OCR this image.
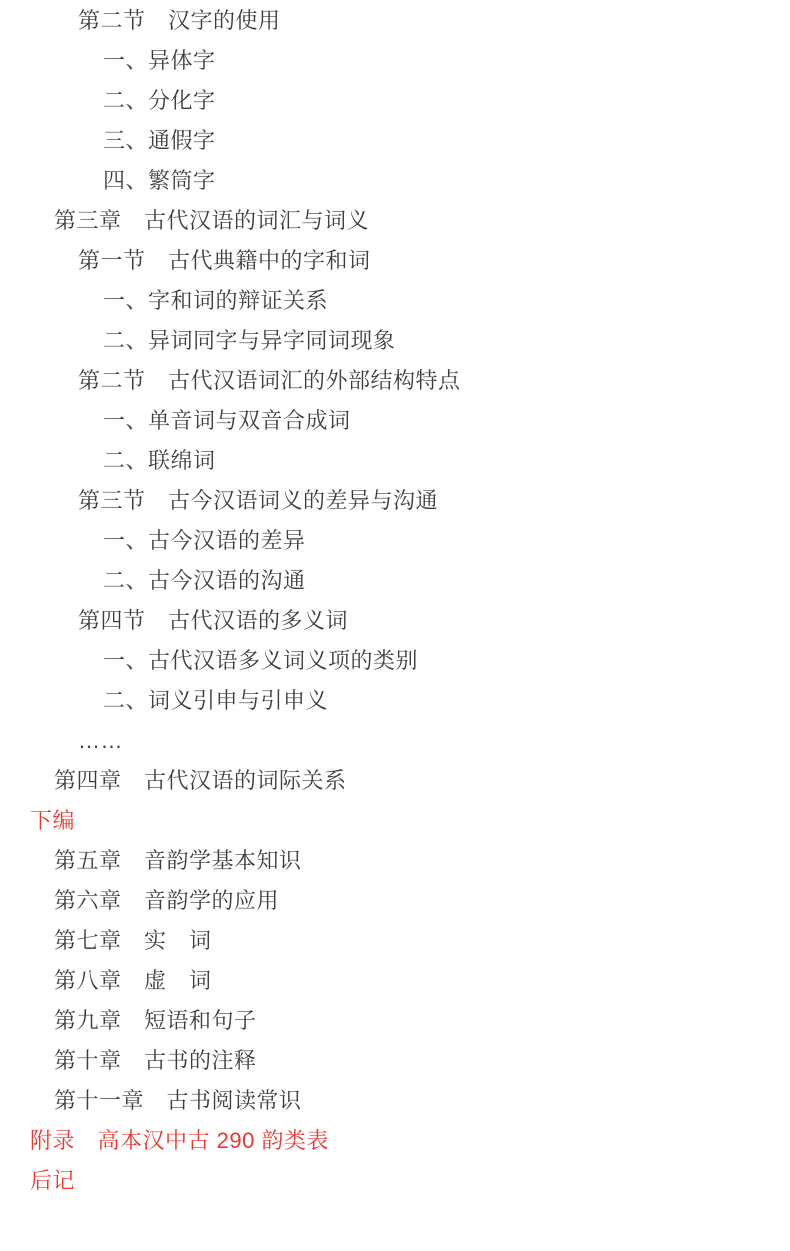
第二节　汉字的使用
一、异体字
二、分化字
三、通假字
四、繁筒字
第三章　古代汉语的词汇与词义
第一节　古代典籍中的字和词
一、字和词的辩证关系
二、异词同字与异字同词现象
第二节　古代汉语词汇的外部结构特点
一、单音词与双音合成词
二、联绵词
第三节　古今汉语词义的差异与沟通
一、古今汉语的差异
二、古今汉语的沟通
第四节　古代汉语的多义词
一、古代汉语多义词义项的类别
二、词义引申与引申义
……
第四章　古代汉语的词际关系
下编
第五章　音韵学基本知识
第六章　音韵学的应用
第七章　实　词
第八章　虚　词
第九章　短语和句子
第十章　古书的注释
第十一章　古书阅读常识
附录　高本汉中古 290 韵类表
后记
